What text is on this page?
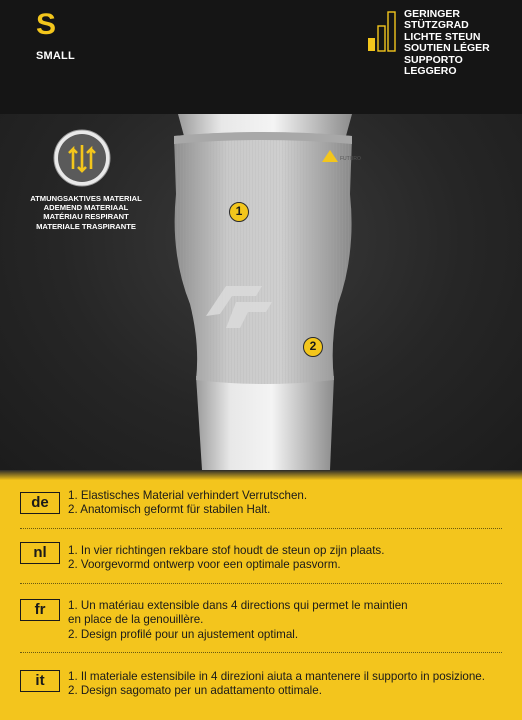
S
SMALL
GERINGER
STÜTZGRAD
LICHTE STEUN
SOUTIEN LÉGER
SUPPORTO
LEGGERO
FUTURO
ATMUNGSAKTIVES MATERIAL
ADEMEND MATERIAAL
MATÉRIAU RESPIRANT
MATERIALE TRASPIRANTE
1
2
de	1. Elastisches Material verhindert Verrutschen.
2. Anatomisch geformt für stabilen Halt.
nl	1. In vier richtingen rekbare stof houdt de steun op zijn plaats.
2. Voorgevormd ontwerp voor een optimale pasvorm.
fr	1. Un matériau extensible dans 4 directions qui permet le maintien
en place de la genouillère.
2. Design profilé pour un ajustement optimal.
it	1. Il materiale estensibile in 4 direzioni aiuta a mantenere il supporto in posizione.
2. Design sagomato per un adattamento ottimale.
